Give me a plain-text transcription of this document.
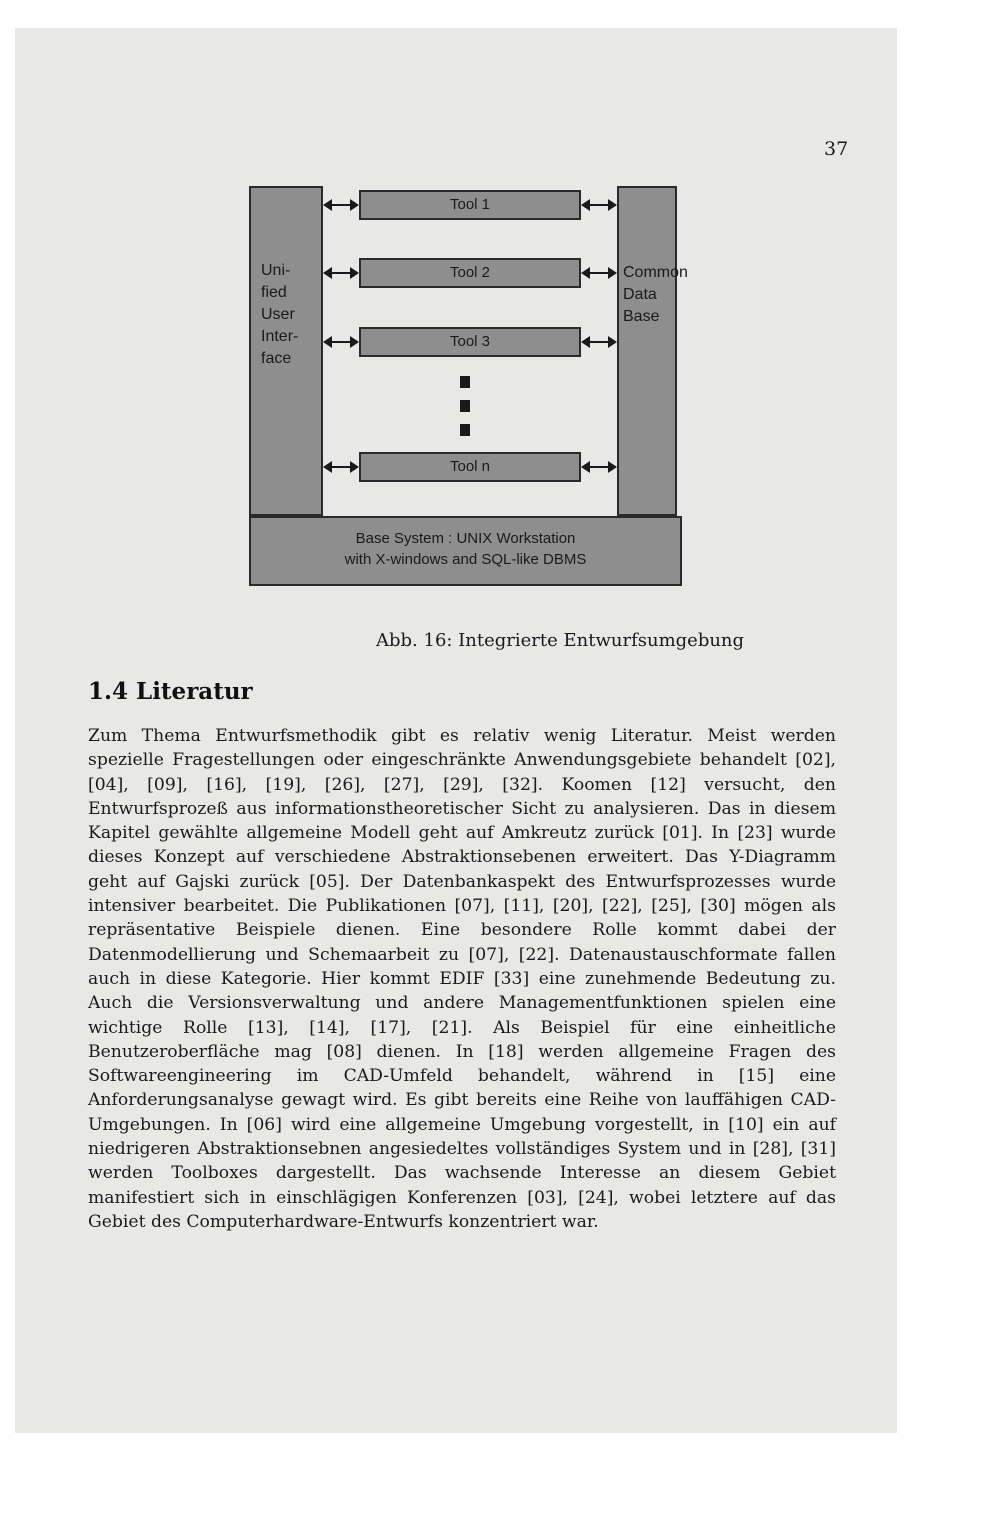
37
Uni-
fied
User
Inter-
face
Common
Data
Base
Tool 1
Tool 2
Tool 3
Tool n
Base System : UNIX Workstation
with X-windows and SQL-like DBMS
Abb. 16: Integrierte Entwurfsumgebung
1.4 Literatur
Zum Thema Entwurfsmethodik gibt es relativ wenig Literatur. Meist werden spezielle Fragestellungen oder eingeschränkte Anwendungsgebiete behandelt [02], [04], [09], [16], [19], [26], [27], [29], [32]. Koomen [12] versucht, den Entwurfsprozeß aus informationstheoretischer Sicht zu analysieren. Das in diesem Kapitel gewählte allgemeine Modell geht auf Amkreutz zurück [01]. In [23] wurde dieses Konzept auf verschiedene Abstraktionsebenen erweitert. Das Y-Diagramm geht auf Gajski zurück [05]. Der Datenbankaspekt des Entwurfsprozesses wurde intensiver bearbeitet. Die Publikationen [07], [11], [20], [22], [25], [30] mögen als repräsentative Beispiele dienen. Eine besondere Rolle kommt dabei der Datenmodellierung und Schemaarbeit zu [07], [22]. Datenaustauschformate fallen auch in diese Kategorie. Hier kommt EDIF [33] eine zunehmende Bedeutung zu. Auch die Versionsverwaltung und andere Managementfunktionen spielen eine wichtige Rolle [13], [14], [17], [21]. Als Beispiel für eine einheitliche Benutzeroberfläche mag [08] dienen. In [18] werden allgemeine Fragen des Softwareengineering im CAD-Umfeld behandelt, während in [15] eine Anforderungsanalyse gewagt wird. Es gibt bereits eine Reihe von lauffähigen CAD-Umgebungen. In [06] wird eine allgemeine Umgebung vorgestellt, in [10] ein auf niedrigeren Abstraktionsebnen angesiedeltes vollständiges System und in [28], [31] werden Toolboxes dargestellt. Das wachsende Interesse an diesem Gebiet manifestiert sich in einschlägigen Konferenzen [03], [24], wobei letztere auf das Gebiet des Computerhardware-Entwurfs konzentriert war.
